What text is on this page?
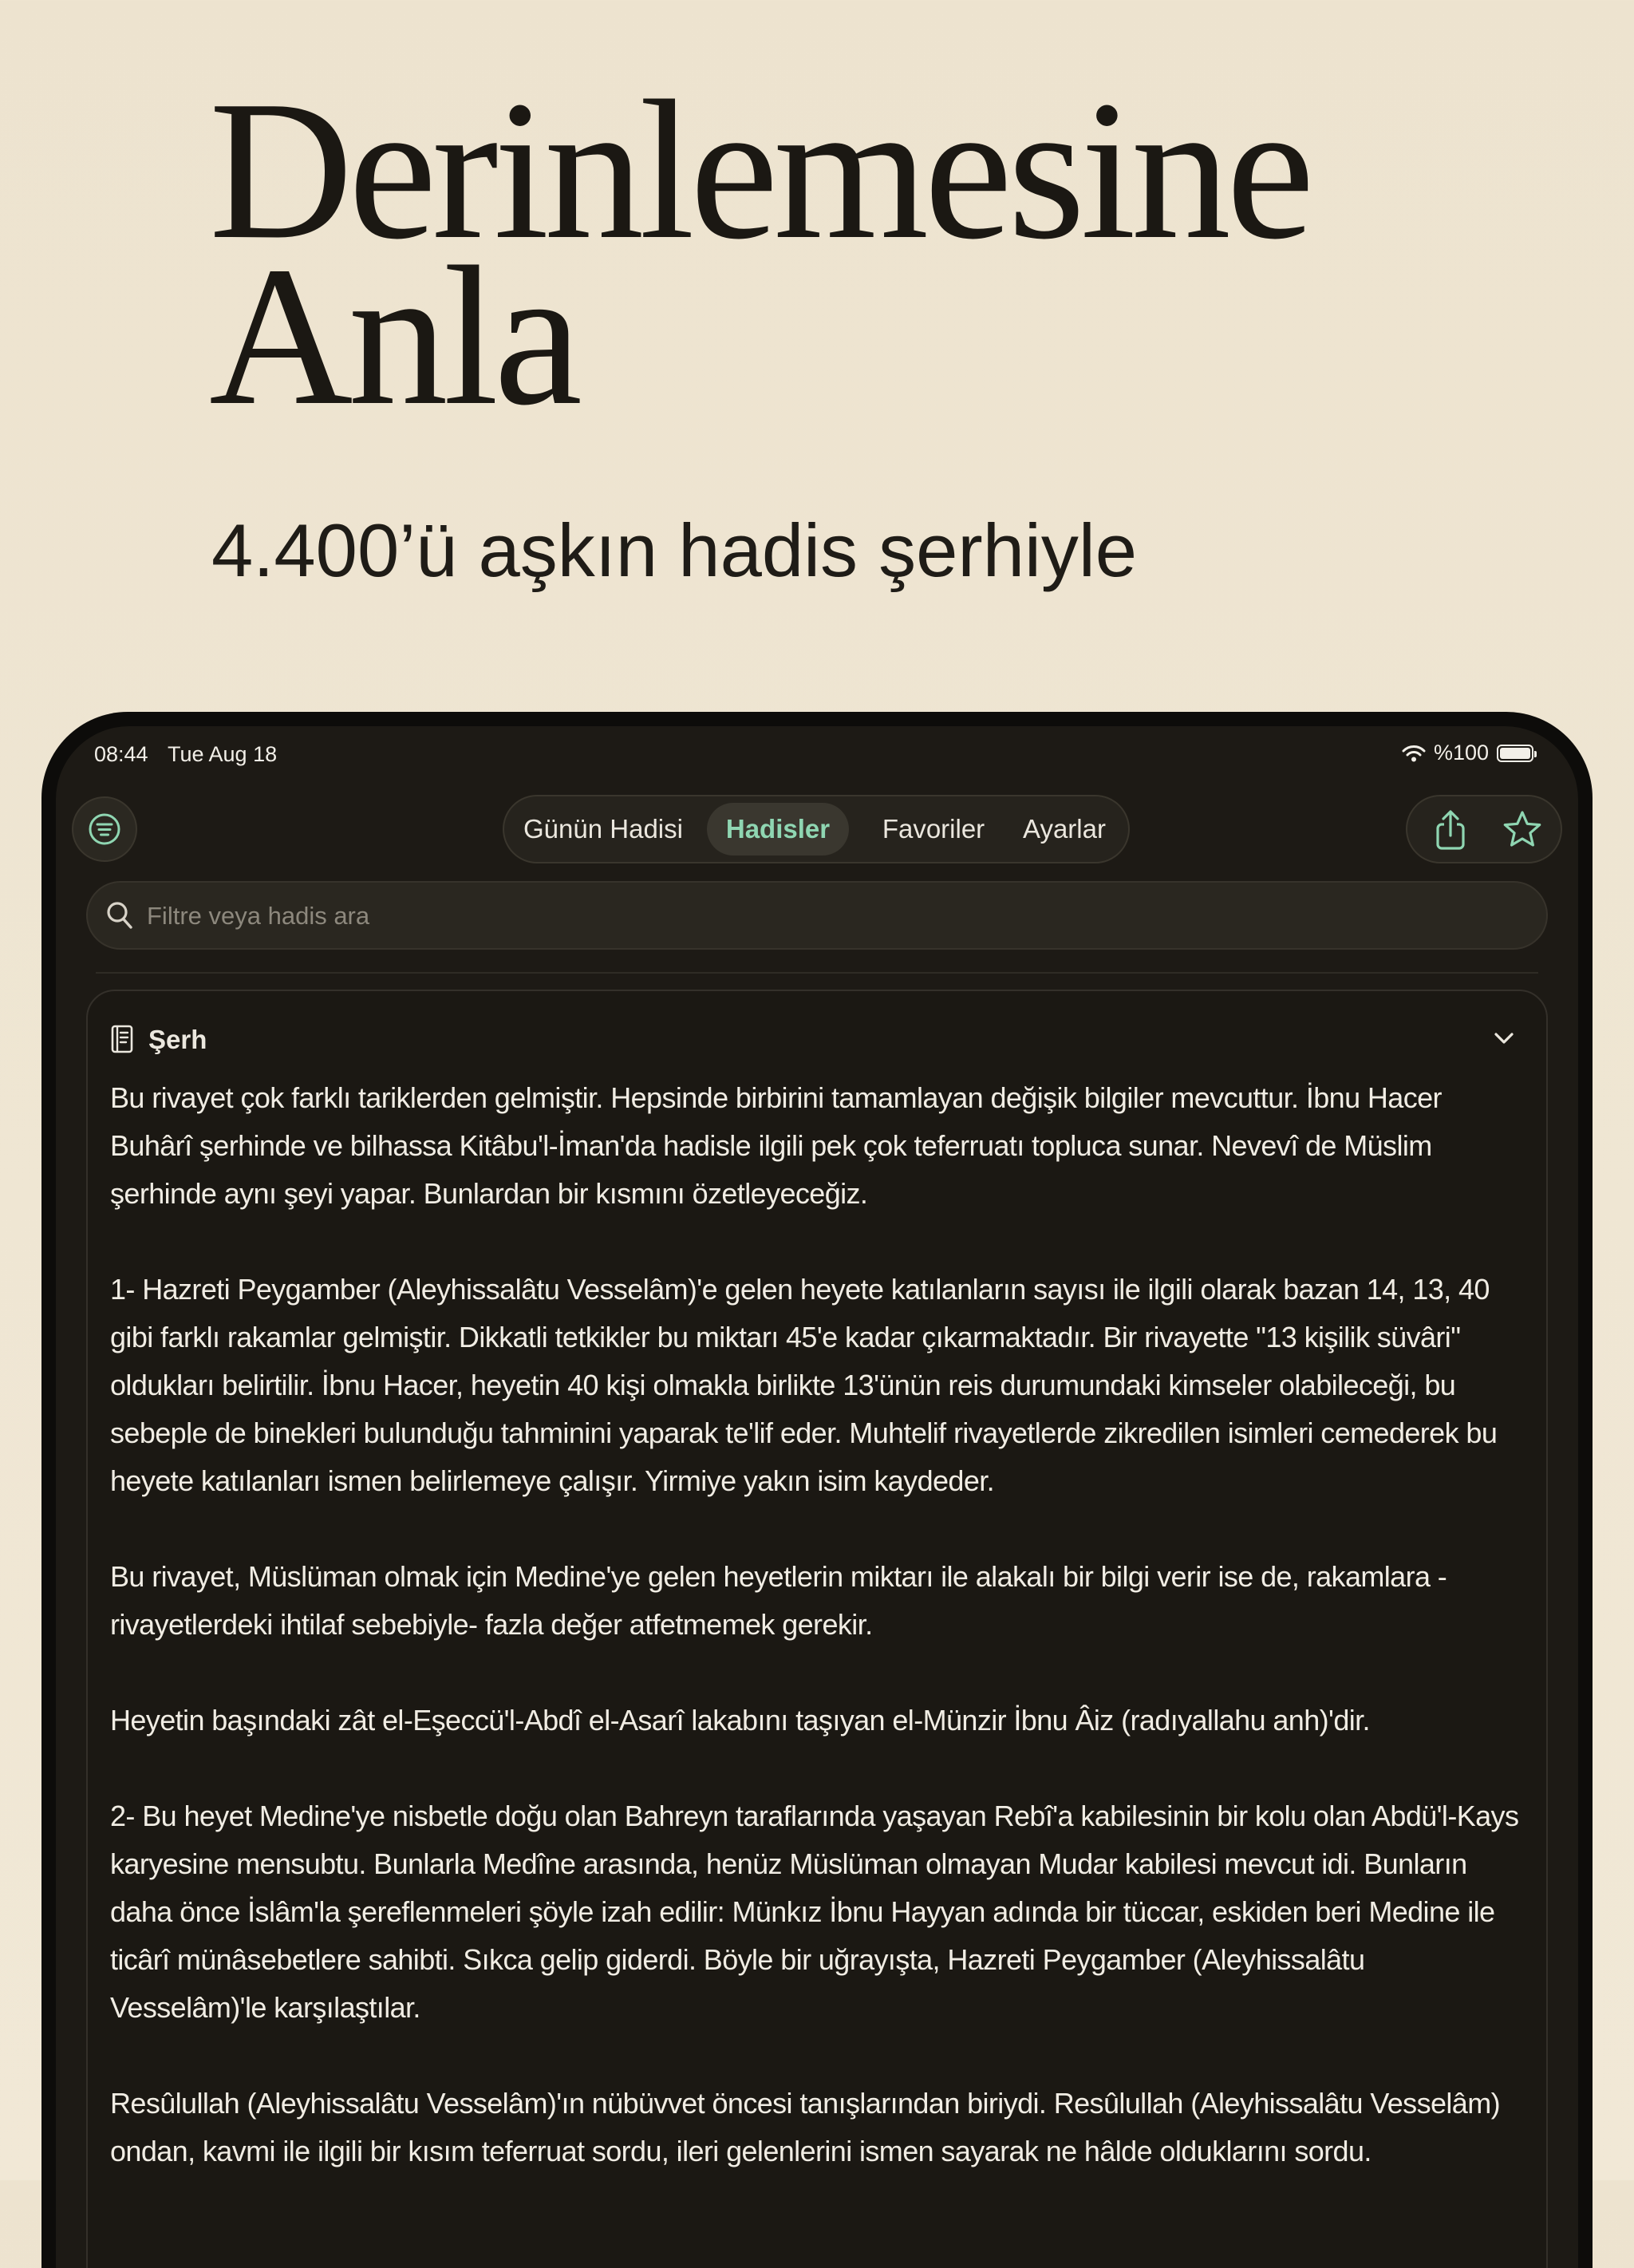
Derinlemesine
Anla

4.400’ü aşkın hadis şerhiyle

08:44 Tue Aug 18	%100
Günün Hadisi	Hadisler	Favoriler	Ayarlar
Filtre veya hadis ara
Şerh

Bu rivayet çok farklı tariklerden gelmiştir. Hepsinde birbirini tamamlayan değişik bilgiler mevcuttur. İbnu Hacer Buhârî şerhinde ve bilhassa Kitâbu'l-İman'da hadisle ilgili pek çok teferruatı topluca sunar. Nevevî de Müslim şerhinde aynı şeyi yapar. Bunlardan bir kısmını özetleyeceğiz.

1- Hazreti Peygamber (Aleyhissalâtu Vesselâm)'e gelen heyete katılanların sayısı ile ilgili olarak bazan 14, 13, 40 gibi farklı rakamlar gelmiştir. Dikkatli tetkikler bu miktarı 45'e kadar çıkarmaktadır. Bir rivayette "13 kişilik süvâri" oldukları belirtilir. İbnu Hacer, heyetin 40 kişi olmakla birlikte 13'ünün reis durumundaki kimseler olabileceği, bu sebeple de binekleri bulunduğu tahminini yaparak te'lif eder. Muhtelif rivayetlerde zikredilen isimleri cemederek bu heyete katılanları ismen belirlemeye çalışır. Yirmiye yakın isim kaydeder.

Bu rivayet, Müslüman olmak için Medine'ye gelen heyetlerin miktarı ile alakalı bir bilgi verir ise de, rakamlara -rivayetlerdeki ihtilaf sebebiyle- fazla değer atfetmemek gerekir.

Heyetin başındaki zât el-Eşeccü'l-Abdî el-Asarî lakabını taşıyan el-Münzir İbnu Âiz (radıyallahu anh)'dir.

2- Bu heyet Medine'ye nisbetle doğu olan Bahreyn taraflarında yaşayan Rebî'a kabilesinin bir kolu olan Abdü'l-Kays karyesine mensubtu. Bunlarla Medîne arasında, henüz Müslüman olmayan Mudar kabilesi mevcut idi. Bunların daha önce İslâm'la şereflenmeleri şöyle izah edilir: Münkız İbnu Hayyan adında bir tüccar, eskiden beri Medine ile ticârî münâsebetlere sahibti. Sıkca gelip giderdi. Böyle bir uğrayışta, Hazreti Peygamber (Aleyhissalâtu Vesselâm)'le karşılaştılar.

Resûlullah (Aleyhissalâtu Vesselâm)'ın nübüvvet öncesi tanışlarından biriydi. Resûlullah (Aleyhissalâtu Vesselâm) ondan, kavmi ile ilgili bir kısım teferruat sordu, ileri gelenlerini ismen sayarak ne hâlde olduklarını sordu.
